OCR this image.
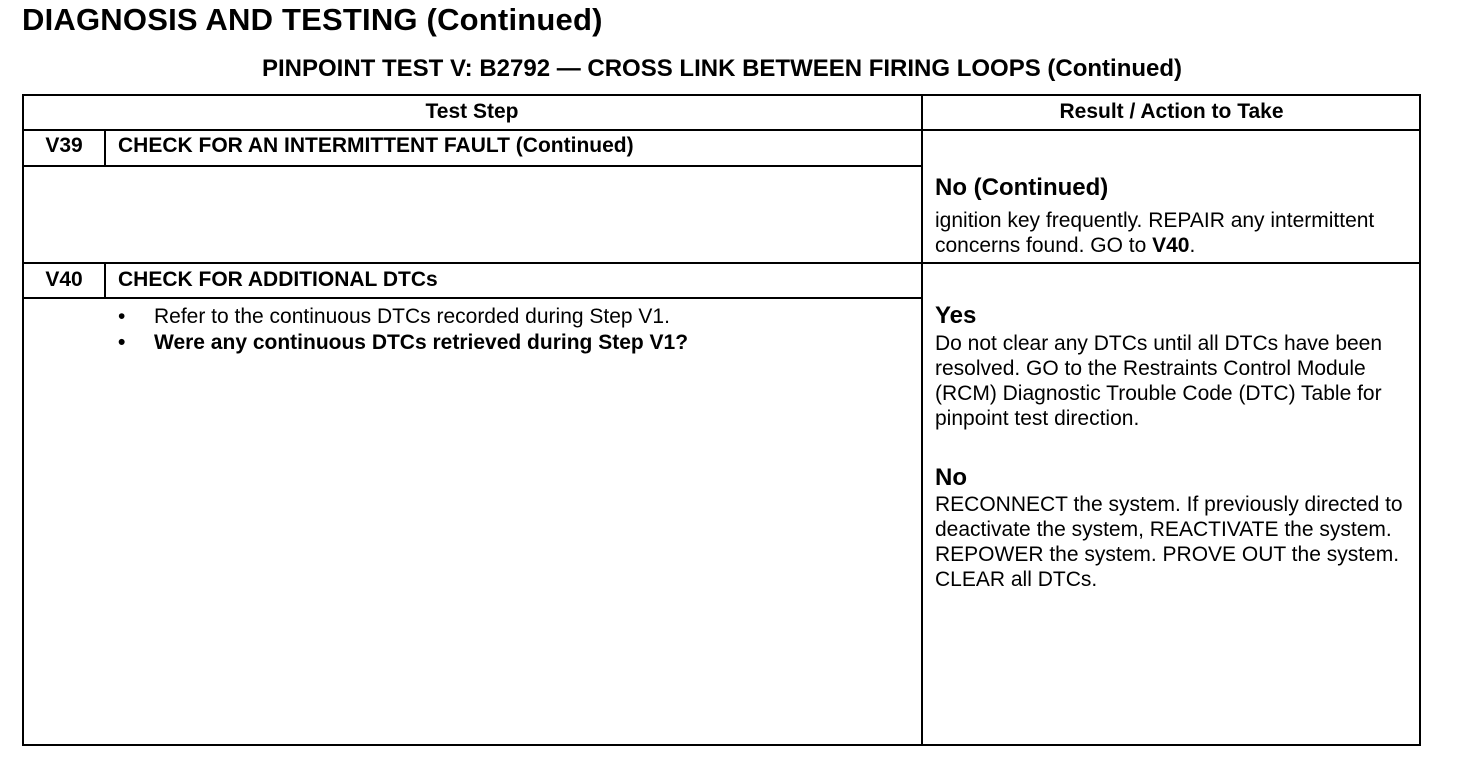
DIAGNOSIS AND TESTING (Continued)
PINPOINT TEST V: B2792 — CROSS LINK BETWEEN FIRING LOOPS (Continued)
Test Step	Result / Action to Take
V39	CHECK FOR AN INTERMITTENT FAULT (Continued)
No (Continued)
ignition key frequently. REPAIR any intermittent concerns found. GO to V40.
V40	CHECK FOR ADDITIONAL DTCs
• Refer to the continuous DTCs recorded during Step V1.
• Were any continuous DTCs retrieved during Step V1?
Yes
Do not clear any DTCs until all DTCs have been resolved. GO to the Restraints Control Module (RCM) Diagnostic Trouble Code (DTC) Table for pinpoint test direction.
No
RECONNECT the system. If previously directed to deactivate the system, REACTIVATE the system. REPOWER the system. PROVE OUT the system. CLEAR all DTCs.
